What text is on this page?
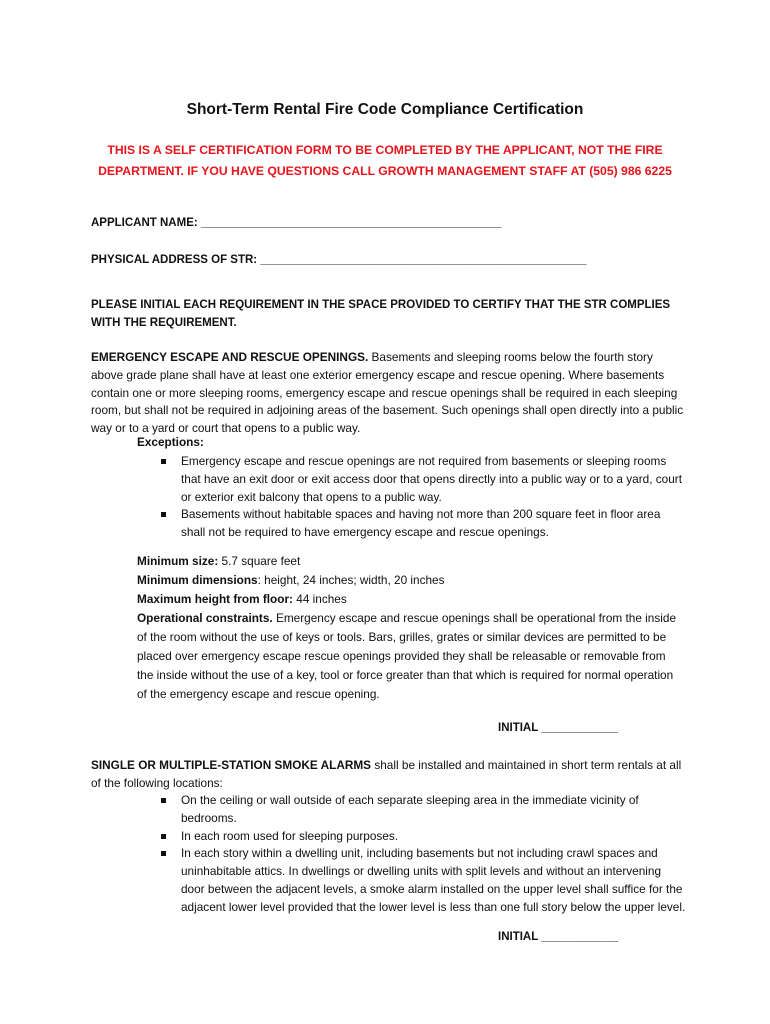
Short-Term Rental Fire Code Compliance Certification
THIS IS A SELF CERTIFICATION FORM TO BE COMPLETED BY THE APPLICANT, NOT THE FIRE DEPARTMENT. IF YOU HAVE QUESTIONS CALL GROWTH MANAGEMENT STAFF AT (505) 986 6225
APPLICANT NAME: _______________________________________________
PHYSICAL ADDRESS OF STR: ___________________________________________________
PLEASE INITIAL EACH REQUIREMENT IN THE SPACE PROVIDED TO CERTIFY THAT THE STR COMPLIES WITH THE REQUIREMENT.
EMERGENCY ESCAPE AND RESCUE OPENINGS. Basements and sleeping rooms below the fourth story above grade plane shall have at least one exterior emergency escape and rescue opening. Where basements contain one or more sleeping rooms, emergency escape and rescue openings shall be required in each sleeping room, but shall not be required in adjoining areas of the basement. Such openings shall open directly into a public way or to a yard or court that opens to a public way.
Exceptions:
Emergency escape and rescue openings are not required from basements or sleeping rooms that have an exit door or exit access door that opens directly into a public way or to a yard, court or exterior exit balcony that opens to a public way.
Basements without habitable spaces and having not more than 200 square feet in floor area shall not be required to have emergency escape and rescue openings.
Minimum size: 5.7 square feet
Minimum dimensions: height, 24 inches; width, 20 inches
Maximum height from floor: 44 inches
Operational constraints. Emergency escape and rescue openings shall be operational from the inside of the room without the use of keys or tools. Bars, grilles, grates or similar devices are permitted to be placed over emergency escape rescue openings provided they shall be releasable or removable from the inside without the use of a key, tool or force greater than that which is required for normal operation of the emergency escape and rescue opening.
INITIAL ____________
SINGLE OR MULTIPLE-STATION SMOKE ALARMS shall be installed and maintained in short term rentals at all of the following locations:
On the ceiling or wall outside of each separate sleeping area in the immediate vicinity of bedrooms.
In each room used for sleeping purposes.
In each story within a dwelling unit, including basements but not including crawl spaces and uninhabitable attics. In dwellings or dwelling units with split levels and without an intervening door between the adjacent levels, a smoke alarm installed on the upper level shall suffice for the adjacent lower level provided that the lower level is less than one full story below the upper level.
INITIAL ____________
